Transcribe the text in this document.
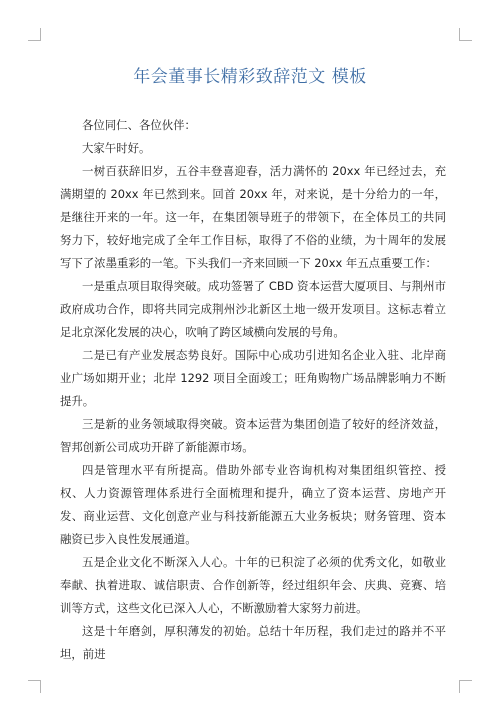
年会董事长精彩致辞范文 模板

各位同仁、各位伙伴：

大家午时好。

一树百获辞旧岁，五谷丰登喜迎春，活力满怀的 20xx 年已经过去，充满期望的 20xx 年已然到来。回首 20xx 年，对来说，是十分给力的一年，是继往开来的一年。这一年，在集团领导班子的带领下，在全体员工的共同努力下，较好地完成了全年工作目标，取得了不俗的业绩，为十周年的发展写下了浓墨重彩的一笔。下头我们一齐来回顾一下 20xx 年五点重要工作：

一是重点项目取得突破。成功签署了 CBD 资本运营大厦项目、与荆州市政府成功合作，即将共同完成荆州沙北新区土地一级开发项目。这标志着立足北京深化发展的决心，吹响了跨区域横向发展的号角。

二是已有产业发展态势良好。国际中心成功引进知名企业入驻、北岸商业广场如期开业；北岸 1292 项目全面竣工；旺角购物广场品牌影响力不断提升。

三是新的业务领域取得突破。资本运营为集团创造了较好的经济效益，智邦创新公司成功开辟了新能源市场。

四是管理水平有所提高。借助外部专业咨询机构对集团组织管控、授权、人力资源管理体系进行全面梳理和提升，确立了资本运营、房地产开发、商业运营、文化创意产业与科技新能源五大业务板块；财务管理、资本融资已步入良性发展通道。

五是企业文化不断深入人心。十年的已积淀了必须的优秀文化，如敬业奉献、执着进取、诚信职责、合作创新等，经过组织年会、庆典、竞赛、培训等方式，这些文化已深入人心，不断激励着大家努力前进。

这是十年磨剑，厚积薄发的初始。总结十年历程，我们走过的路并不平坦，前进
